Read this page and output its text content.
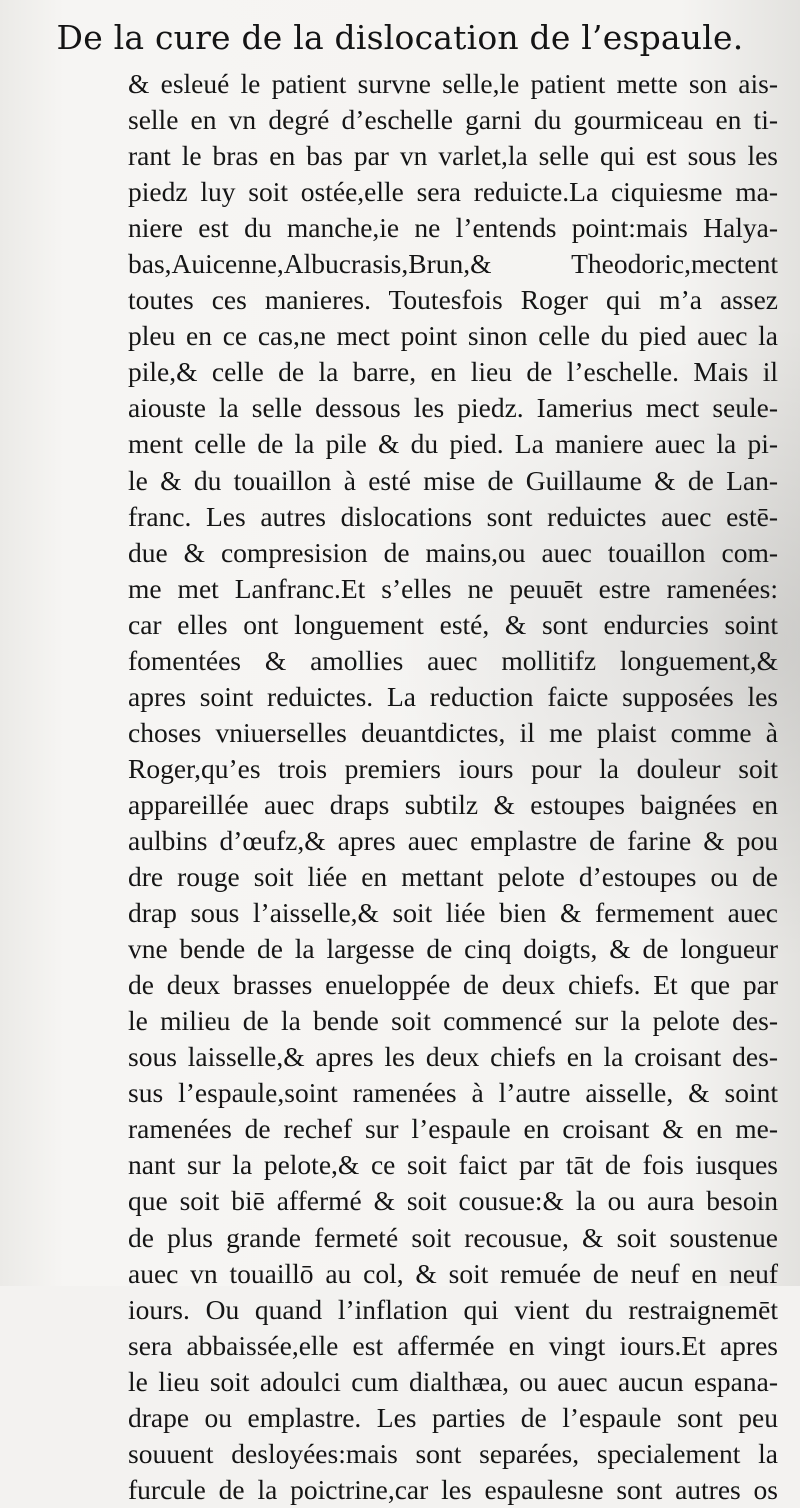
De la cure de la dislocation de l’espaule.
& esleué le patient survne selle,le patient mette son ais-
selle en vn degré d’eschelle garni du gourmiceau en ti-
rant le bras en bas par vn varlet,la selle qui est sous les
piedz luy soit ostée,elle sera reduicte.La ciquiesme ma-
niere est du manche,ie ne l’entends point:mais Halya-
bas,Auicenne,Albucrasis,Brun,& Theodoric,mectent
toutes ces manieres. Toutesfois Roger qui m’a assez
pleu en ce cas,ne mect point sinon celle du pied auec la
pile,& celle de la barre, en lieu de l’eschelle. Mais il
aiouste la selle dessous les piedz. Iamerius mect seule-
ment celle de la pile & du pied. La maniere auec la pi-
le & du touaillon à esté mise de Guillaume & de Lan-
franc. Les autres dislocations sont reduictes auec estē-
due & compresision de mains,ou auec touaillon com-
me met Lanfranc.Et s’elles ne peuuēt estre ramenées:
car elles ont longuement esté, & sont endurcies soint
fomentées & amollies auec mollitifz longuement,&
apres soint reduictes. La reduction faicte supposées les
choses vniuerselles deuantdictes, il me plaist comme à
Roger,qu’es trois premiers iours pour la douleur soit
appareillée auec draps subtilz & estoupes baignées en
aulbins d’œufz,& apres auec emplastre de farine & pou
dre rouge soit liée en mettant pelote d’estoupes ou de
drap sous l’aisselle,& soit liée bien & fermement auec
vne bende de la largesse de cinq doigts, & de longueur
de deux brasses enueloppée de deux chiefs. Et que par
le milieu de la bende soit commencé sur la pelote des-
sous laisselle,& apres les deux chiefs en la croisant des-
sus l’espaule,soint ramenées à l’autre aisselle, & soint
ramenées de rechef sur l’espaule en croisant & en me-
nant sur la pelote,& ce soit faict par tāt de fois iusques
que soit biē affermé & soit cousue:& la ou aura besoin
de plus grande fermeté soit recousue, & soit soustenue
auec vn touaillō au col, & soit remuée de neuf en neuf
iours. Ou quand l’inflation qui vient du restraignemēt
sera abbaissée,elle est affermée en vingt iours.Et apres
le lieu soit adoulci cum dialthæa, ou auec aucun espana-
drape ou emplastre. Les parties de l’espaule sont peu
souuent desloyées:mais sont separées, specialement la
furcule de la poictrine,car les espaulesne sont autres os
